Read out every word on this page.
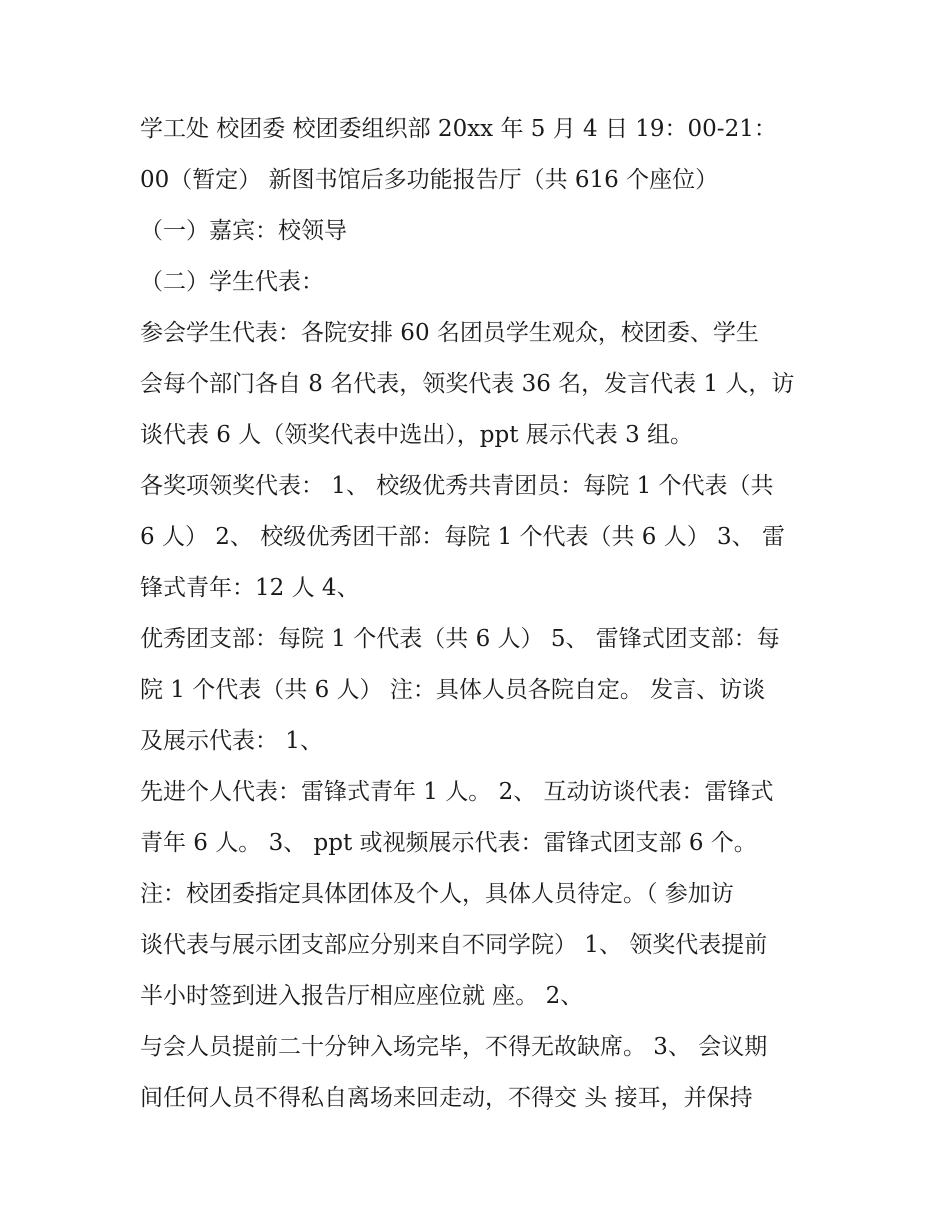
学工处 校团委 校团委组织部 20xx 年 5 月 4 日 19：00-21：
00（暂定） 新图书馆后多功能报告厅（共 616 个座位）
（一）嘉宾：校领导
（二）学生代表：
参会学生代表：各院安排 60 名团员学生观众，校团委、学生
会每个部门各自 8 名代表，领奖代表 36 名，发言代表 1 人，访
谈代表 6 人（领奖代表中选出），ppt 展示代表 3 组。
各奖项领奖代表： 1、 校级优秀共青团员：每院 1 个代表（共
6 人） 2、 校级优秀团干部：每院 1 个代表（共 6 人） 3、 雷
锋式青年：12 人 4、
优秀团支部：每院 1 个代表（共 6 人） 5、 雷锋式团支部：每
院 1 个代表（共 6 人） 注：具体人员各院自定。 发言、访谈
及展示代表： 1、
先进个人代表：雷锋式青年 1 人。 2、 互动访谈代表：雷锋式
青年 6 人。 3、 ppt 或视频展示代表：雷锋式团支部 6 个。
注：校团委指定具体团体及个人，具体人员待定。（ 参加访
谈代表与展示团支部应分别来自不同学院） 1、 领奖代表提前
半小时签到进入报告厅相应座位就 座。 2、
与会人员提前二十分钟入场完毕，不得无故缺席。 3、 会议期
间任何人员不得私自离场来回走动，不得交 头 接耳，并保持
